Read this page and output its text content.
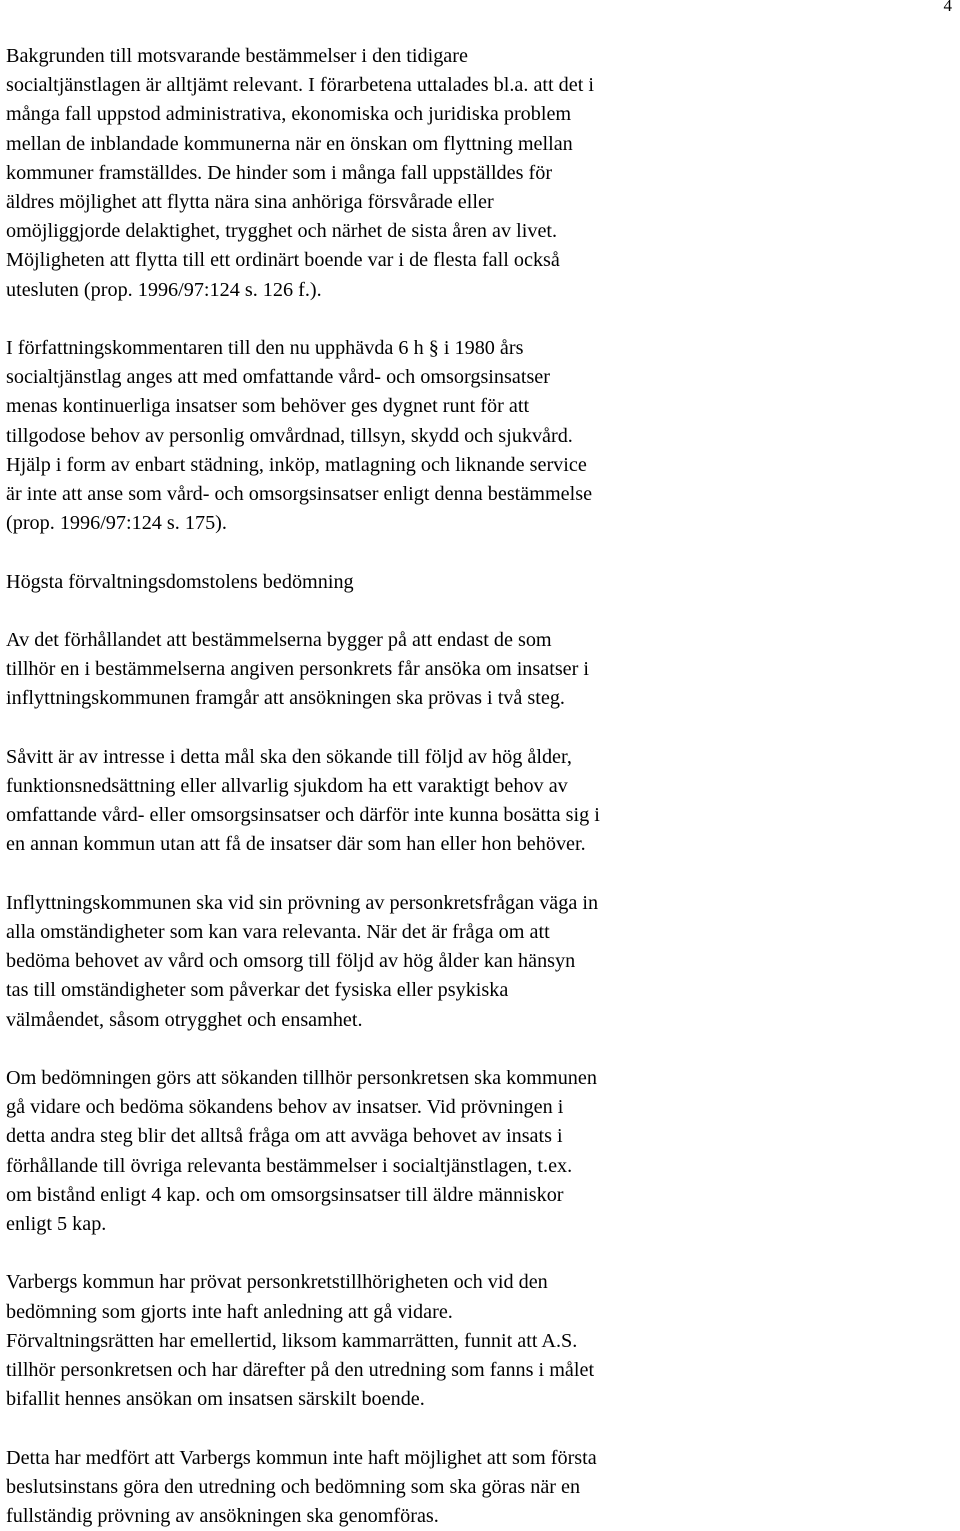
4
Bakgrunden till motsvarande bestämmelser i den tidigare
socialtjänstlagen är alltjämt relevant. I förarbetena uttalades bl.a. att det i
många fall uppstod administrativa, ekonomiska och juridiska problem
mellan de inblandade kommunerna när en önskan om flyttning mellan
kommuner framställdes. De hinder som i många fall uppställdes för
äldres möjlighet att flytta nära sina anhöriga försvårade eller
omöjliggjorde delaktighet, trygghet och närhet de sista åren av livet.
Möjligheten att flytta till ett ordinärt boende var i de flesta fall också
utesluten (prop. 1996/97:124 s. 126 f.).
I författningskommentaren till den nu upphävda 6 h § i 1980 års
socialtjänstlag anges att med omfattande vård- och omsorgsinsatser
menas kontinuerliga insatser som behöver ges dygnet runt för att
tillgodose behov av personlig omvårdnad, tillsyn, skydd och sjukvård.
Hjälp i form av enbart städning, inköp, matlagning och liknande service
är inte att anse som vård- och omsorgsinsatser enligt denna bestämmelse
(prop. 1996/97:124 s. 175).
Högsta förvaltningsdomstolens bedömning
Av det förhållandet att bestämmelserna bygger på att endast de som
tillhör en i bestämmelserna angiven personkrets får ansöka om insatser i
inflyttningskommunen framgår att ansökningen ska prövas i två steg.
Såvitt är av intresse i detta mål ska den sökande till följd av hög ålder,
funktionsnedsättning eller allvarlig sjukdom ha ett varaktigt behov av
omfattande vård- eller omsorgsinsatser och därför inte kunna bosätta sig i
en annan kommun utan att få de insatser där som han eller hon behöver.
Inflyttningskommunen ska vid sin prövning av personkretsfrågan väga in
alla omständigheter som kan vara relevanta. När det är fråga om att
bedöma behovet av vård och omsorg till följd av hög ålder kan hänsyn
tas till omständigheter som påverkar det fysiska eller psykiska
välmåendet, såsom otrygghet och ensamhet.
Om bedömningen görs att sökanden tillhör personkretsen ska kommunen
gå vidare och bedöma sökandens behov av insatser. Vid prövningen i
detta andra steg blir det alltså fråga om att avväga behovet av insats i
förhållande till övriga relevanta bestämmelser i socialtjänstlagen, t.ex.
om bistånd enligt 4 kap. och om omsorgsinsatser till äldre människor
enligt 5 kap.
Varbergs kommun har prövat personkretstillhörigheten och vid den
bedömning som gjorts inte haft anledning att gå vidare.
Förvaltningsrätten har emellertid, liksom kammarrätten, funnit att A.S.
tillhör personkretsen och har därefter på den utredning som fanns i målet
bifallit hennes ansökan om insatsen särskilt boende.
Detta har medfört att Varbergs kommun inte haft möjlighet att som första
beslutsinstans göra den utredning och bedömning som ska göras när en
fullständig prövning av ansökningen ska genomföras.
